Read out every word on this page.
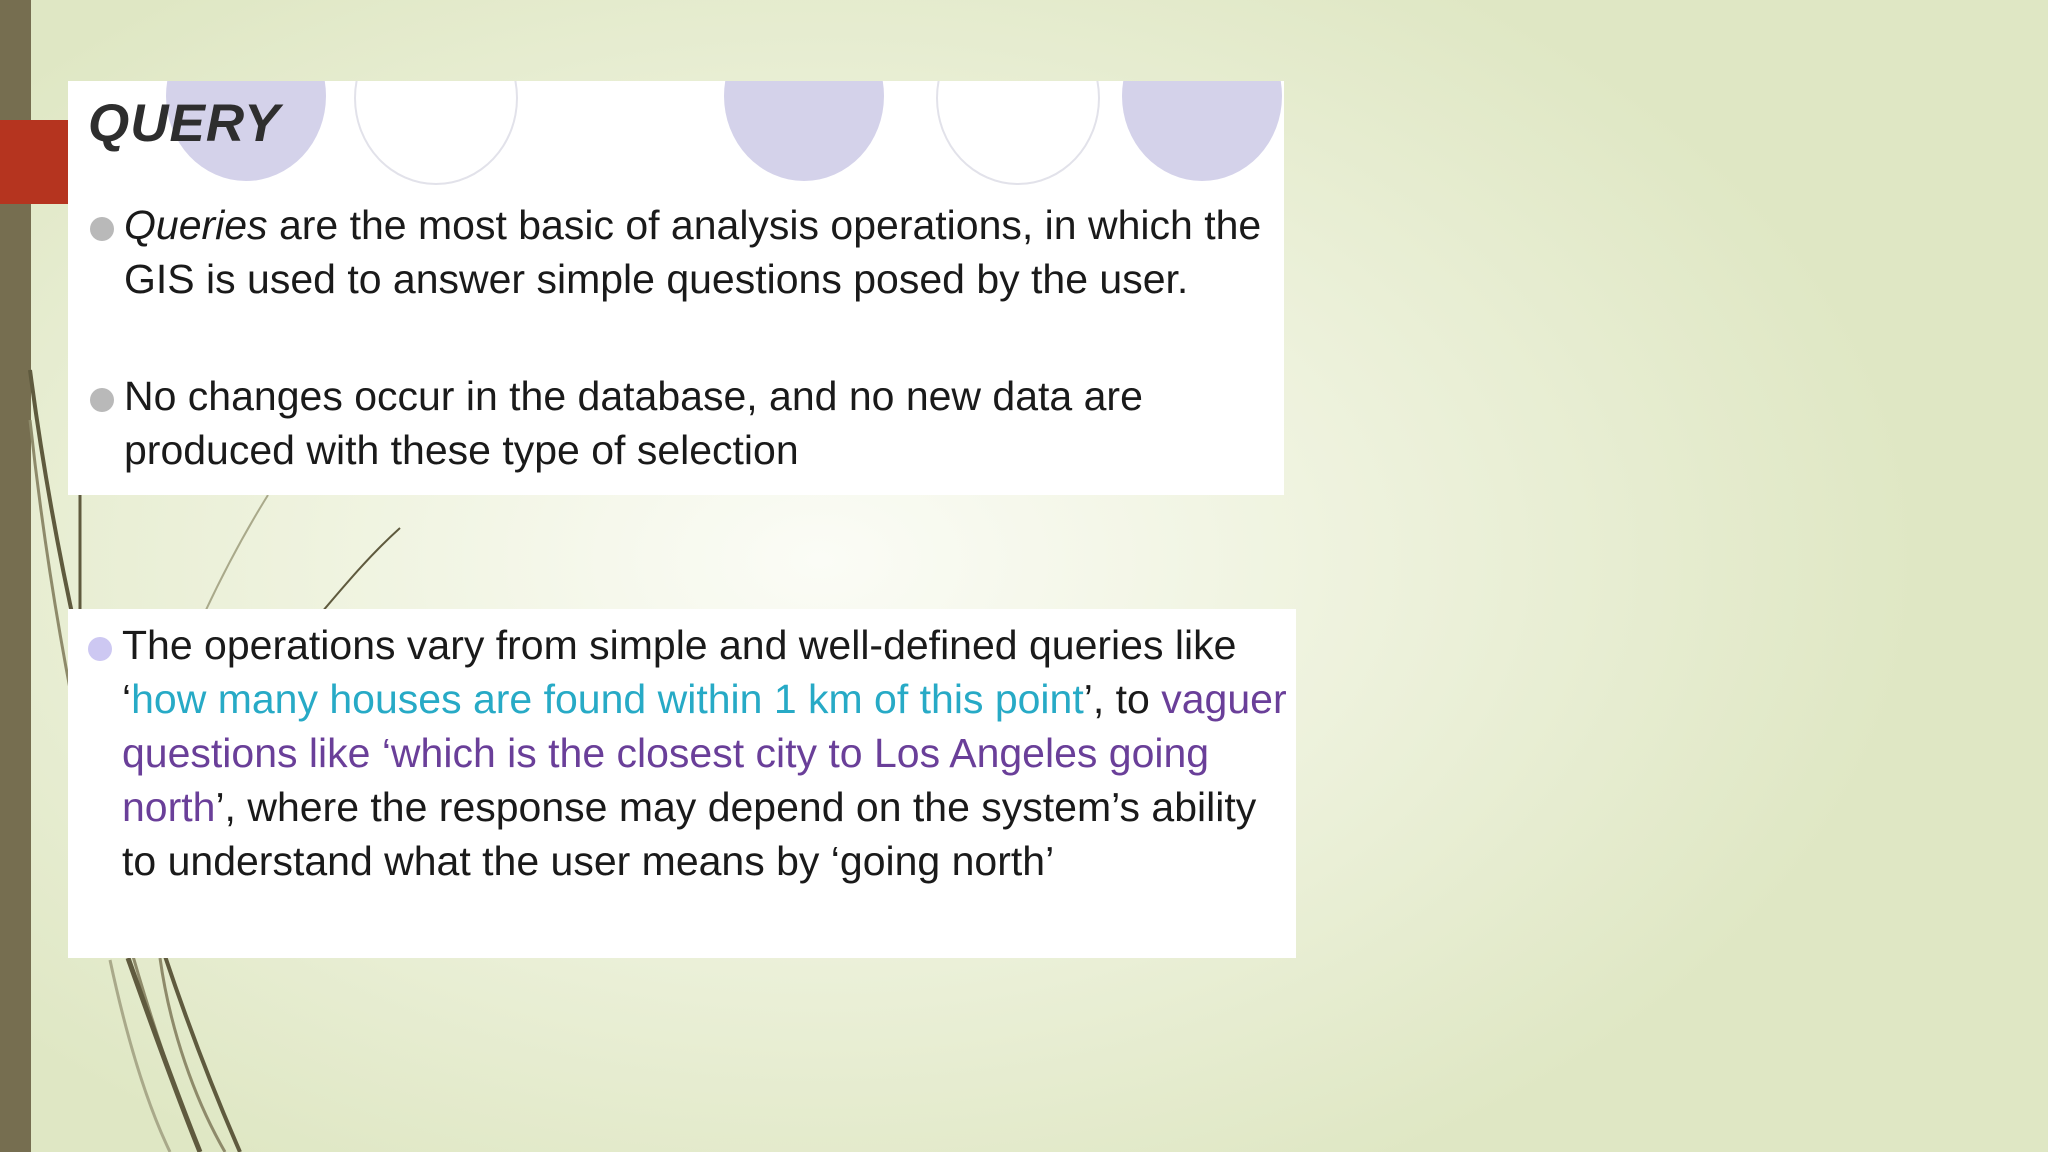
QUERY
Queries are the most basic of analysis operations, in which the GIS is used to answer simple questions posed by the user.
No changes occur in the database, and no new data are produced with these type of selection
The operations vary from simple and well-defined queries like ‘how many houses are found within 1 km of this point’, to vaguer questions like ‘which is the closest city to Los Angeles going north’, where the response may depend on the system’s ability to understand what the user means by ‘going north’
